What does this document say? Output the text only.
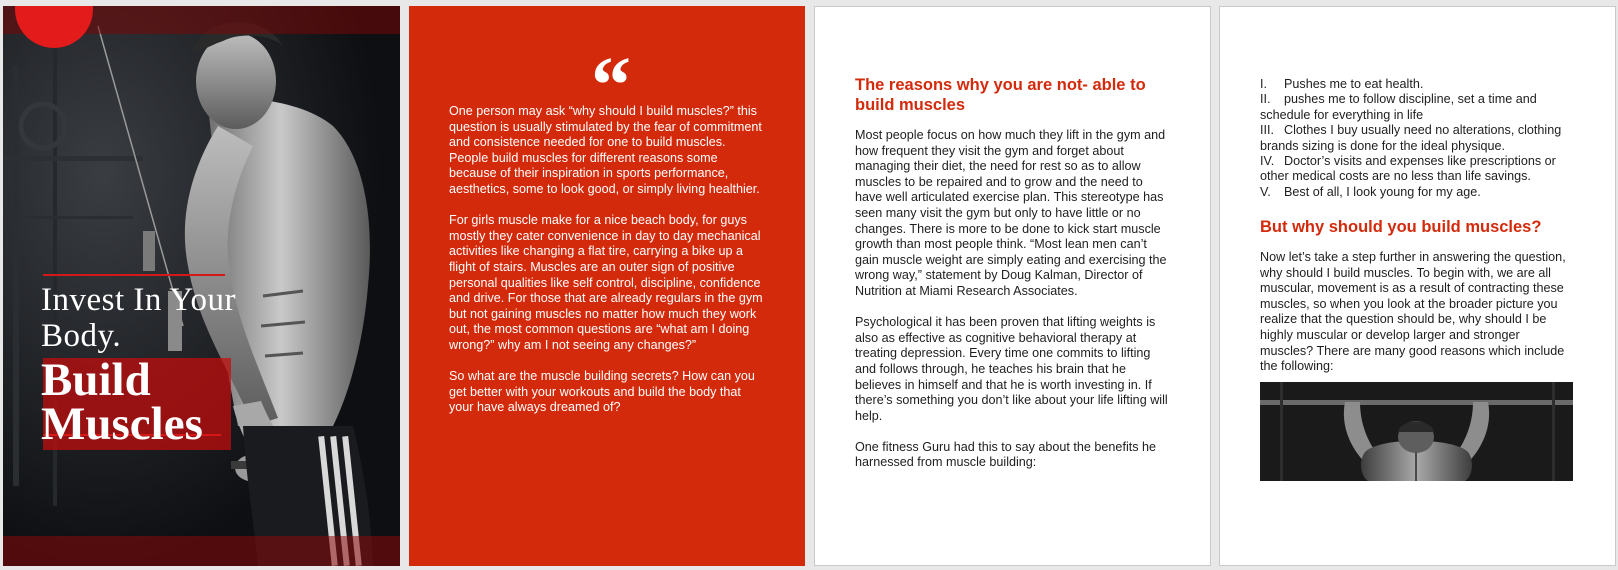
Invest In Your
Body.
Build
Muscles
“

One person may ask “why should I build muscles?” this question is usually stimulated by the fear of commitment and consistence needed for one to build muscles. People build muscles for different reasons some because of their inspiration in sports performance, aesthetics, some to look good, or simply living healthier.

For girls muscle make for a nice beach body, for guys mostly they cater convenience in day to day mechanical activities like changing a flat tire, carrying a bike up a flight of stairs. Muscles are an outer sign of positive personal qualities like self control, discipline, confidence and drive. For those that are already regulars in the gym but not gaining muscles no matter how much they work out, the most common questions are “what am I doing wrong?” why am I not seeing any changes?”

So what are the muscle building secrets? How can you get better with your workouts and build the body that your have always dreamed of?

The reasons why you are not- able to build muscles

Most people focus on how much they lift in the gym and how frequent they visit the gym and forget about managing their diet, the need for rest so as to allow muscles to be repaired and to grow and the need to have well articulated exercise plan. This stereotype has seen many visit the gym but only to have little or no changes. There is more to be done to kick start muscle growth than most people think. “Most lean men can’t gain muscle weight are simply eating and exercising the wrong way,” statement by Doug Kalman, Director of Nutrition at Miami Research Associates.

Psychological it has been proven that lifting weights is also as effective as cognitive behavioral therapy at treating depression. Every time one commits to lifting and follows through, he teaches his brain that he believes in himself and that he is worth investing in. If there’s something you don’t like about your life lifting will help.

One fitness Guru had this to say about the benefits he harnessed from muscle building:

I. Pushes me to eat health.
II. pushes me to follow discipline, set a time and schedule for everything in life
III. Clothes I buy usually need no alterations, clothing brands sizing is done for the ideal physique.
IV. Doctor’s visits and expenses like prescriptions or other medical costs are no less than life savings.
V. Best of all, I look young for my age.
But why should you build muscles?

Now let’s take a step further in answering the question, why should I build muscles. To begin with, we are all muscular, movement is as a result of contracting these muscles, so when you look at the broader picture you realize that the question should be, why should I be highly muscular or develop larger and stronger muscles? There are many good reasons which include the following:
